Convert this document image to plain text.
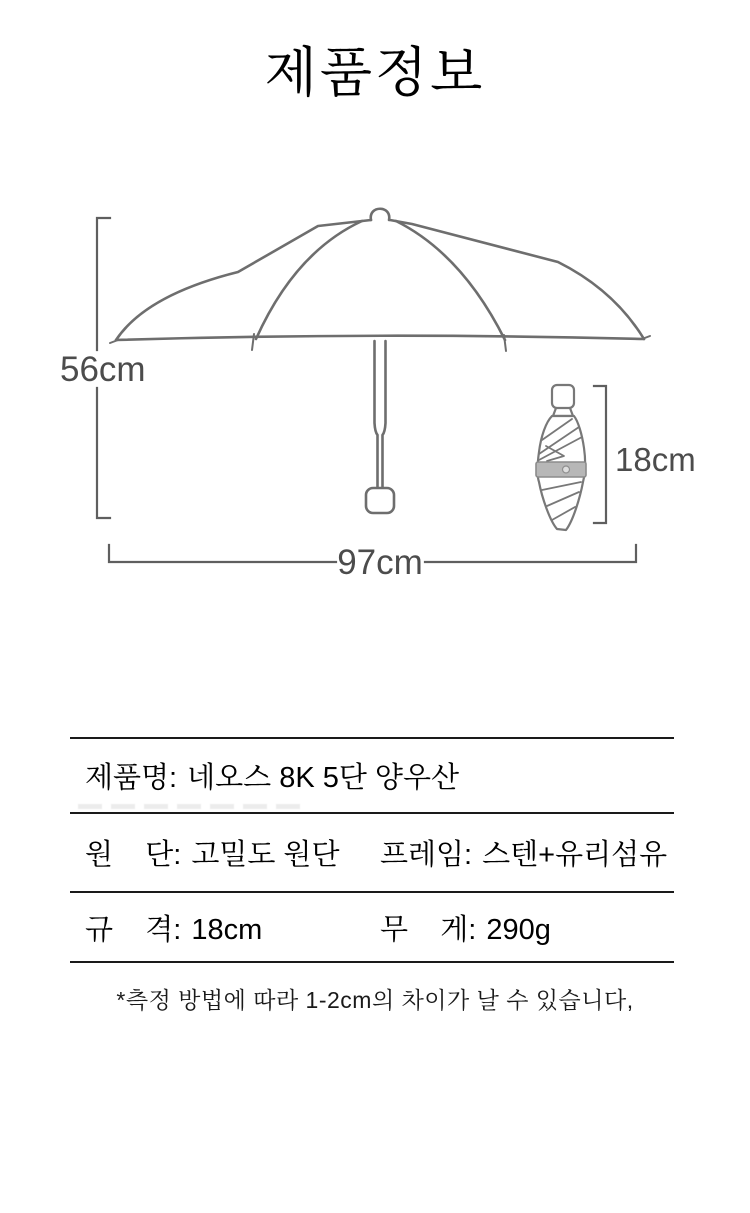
제품정보
56cm
97cm
18cm
제품명: 네오스 8K 5단 양우산
원    단: 고밀도 원단 프레임: 스텐+유리섬유
규    격: 18cm	무    게: 290g
*측정 방법에 따라 1-2cm의 차이가 날 수 있습니다,
